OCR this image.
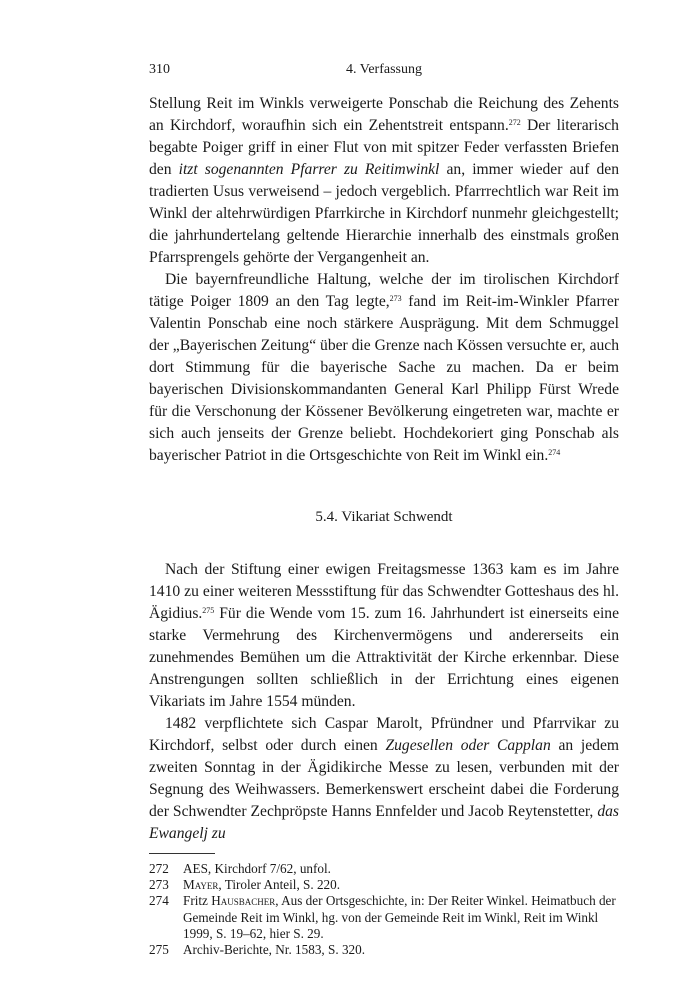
310	4. Verfassung

Stellung Reit im Winkls verweigerte Ponschab die Reichung des Zehents an Kirchdorf, woraufhin sich ein Zehentstreit entspann.$^{272}$ Der literarisch begabte Poiger griff in einer Flut von mit spitzer Feder verfassten Briefen den itzt sogenannten Pfarrer zu Reitimwinkl an, immer wieder auf den tradierten Usus verweisend – jedoch vergeblich. Pfarrrechtlich war Reit im Winkl der altehrwürdigen Pfarrkirche in Kirchdorf nunmehr gleichgestellt; die jahrhundertelang geltende Hierarchie innerhalb des einstmals großen Pfarrsprengels gehörte der Vergangenheit an.

Die bayernfreundliche Haltung, welche der im tirolischen Kirchdorf tätige Poiger 1809 an den Tag legte,$^{273}$ fand im Reit-im-Winkler Pfarrer Valentin Ponschab eine noch stärkere Ausprägung. Mit dem Schmuggel der „Bayerischen Zeitung“ über die Grenze nach Kössen versuchte er, auch dort Stimmung für die bayerische Sache zu machen. Da er beim bayerischen Divisionskommandanten General Karl Philipp Fürst Wrede für die Verschonung der Kössener Bevölkerung eingetreten war, machte er sich auch jenseits der Grenze beliebt. Hochdekoriert ging Ponschab als bayerischer Patriot in die Ortsgeschichte von Reit im Winkl ein.$^{274}$

5.4. Vikariat Schwendt

Nach der Stiftung einer ewigen Freitagsmesse 1363 kam es im Jahre 1410 zu einer weiteren Messstiftung für das Schwendter Gotteshaus des hl. Ägidius.$^{275}$ Für die Wende vom 15. zum 16. Jahrhundert ist einerseits eine starke Vermehrung des Kirchenvermögens und andererseits ein zunehmendes Bemühen um die Attraktivität der Kirche erkennbar. Diese Anstrengungen sollten schließlich in der Errichtung eines eigenen Vikariats im Jahre 1554 münden.

1482 verpflichtete sich Caspar Marolt, Pfründner und Pfarrvikar zu Kirchdorf, selbst oder durch einen Zugesellen oder Capplan an jedem zweiten Sonntag in der Ägidikirche Messe zu lesen, verbunden mit der Segnung des Weihwassers. Bemerkenswert erscheint dabei die Forderung der Schwendter Zechpröpste Hanns Ennfelder und Jacob Reytenstetter, das Ewangelj zu

272 AES, Kirchdorf 7/62, unfol.
273 Mayer, Tiroler Anteil, S. 220.
274 Fritz Hausbacher, Aus der Ortsgeschichte, in: Der Reiter Winkel. Heimatbuch der Gemeinde Reit im Winkl, hg. von der Gemeinde Reit im Winkl, Reit im Winkl 1999, S. 19–62, hier S. 29.
275 Archiv-Berichte, Nr. 1583, S. 320.
